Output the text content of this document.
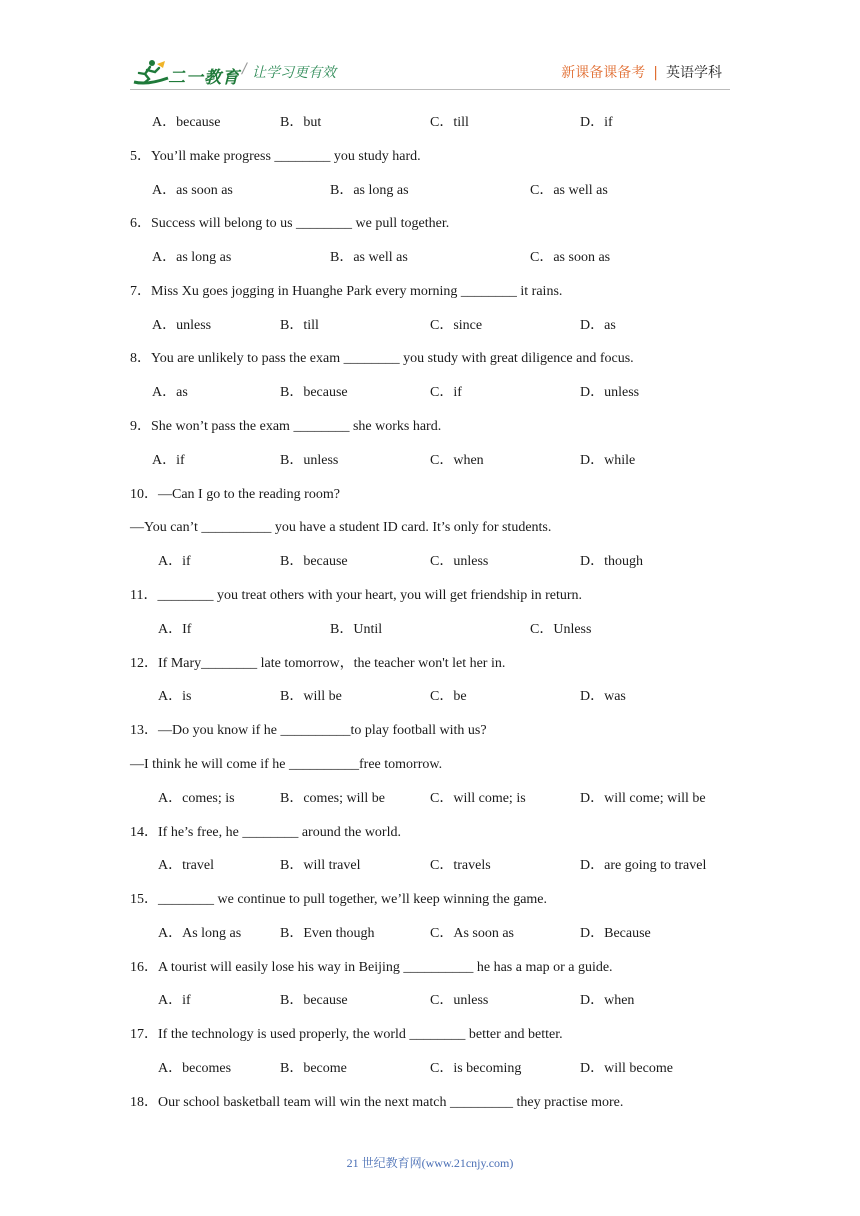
二一教育 / 让学习更有效	新课备课备考 | 英语学科
A．because	B．but	C．till	D．if
5．You’ll make progress ________ you study hard.
A．as soon as	B．as long as	C．as well as
6．Success will belong to us ________ we pull together.
A．as long as	B．as well as	C．as soon as
7．Miss Xu goes jogging in Huanghe Park every morning ________ it rains.
A．unless	B．till	C．since	D．as
8．You are unlikely to pass the exam ________ you study with great diligence and focus.
A．as	B．because	C．if	D．unless
9．She won’t pass the exam ________ she works hard.
A．if	B．unless	C．when	D．while
10．—Can I go to the reading room?
—You can’t __________ you have a student ID card. It’s only for students.
A．if	B．because	C．unless	D．though
11．________ you treat others with your heart, you will get friendship in return.
A．If	B．Until	C．Unless
12．If Mary________ late tomorrow，the teacher won't let her in.
A．is	B．will be	C．be	D．was
13．—Do you know if he __________to play football with us?
—I think he will come if he __________free tomorrow.
A．comes; is	B．comes; will be	C．will come; is	D．will come; will be
14．If he’s free, he ________ around the world.
A．travel	B．will travel	C．travels	D．are going to travel
15．________ we continue to pull together, we’ll keep winning the game.
A．As long as	B．Even though	C．As soon as	D．Because
16．A tourist will easily lose his way in Beijing __________ he has a map or a guide.
A．if	B．because	C．unless	D．when
17．If the technology is used properly, the world ________ better and better.
A．becomes	B．become	C．is becoming	D．will become
18．Our school basketball team will win the next match _________ they practise more.
21 世纪教育网(www.21cnjy.com)
